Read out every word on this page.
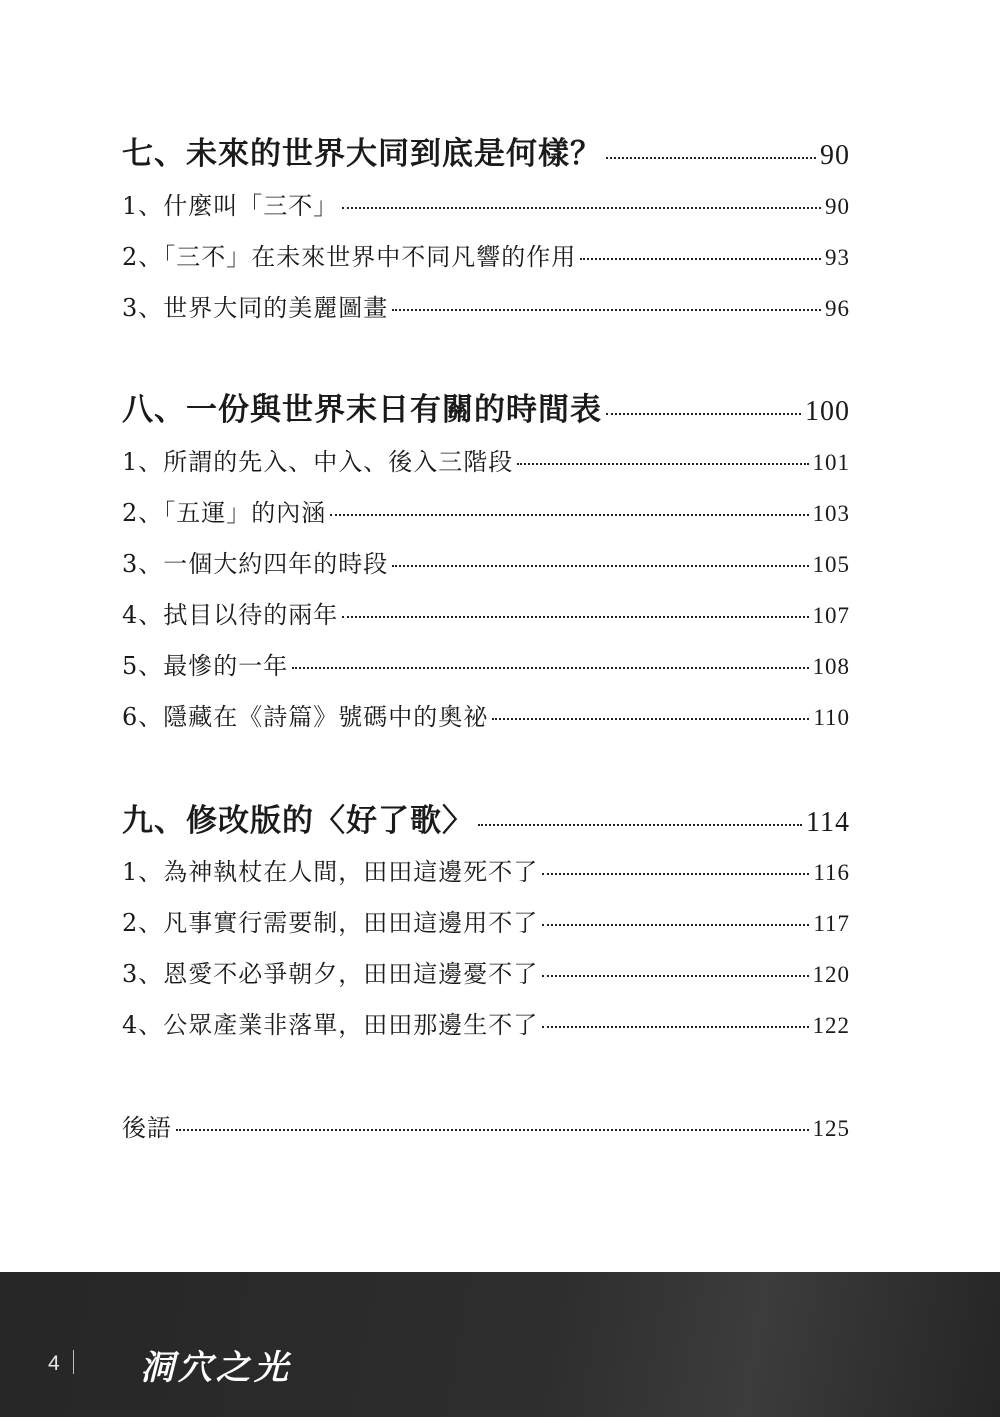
七、未來的世界大同到底是何樣？	90
1、什麼叫「三不」	90
2、「三不」在未來世界中不同凡響的作用	93
3、世界大同的美麗圖畫	96
八、一份與世界末日有關的時間表	100
1、所謂的先入、中入、後入三階段	101
2、「五運」的內涵	103
3、一個大約四年的時段	105
4、拭目以待的兩年	107
5、最慘的一年	108
6、隱藏在《詩篇》號碼中的奧祕	110
九、修改版的〈好了歌〉	114
1、為神執杖在人間，田田這邊死不了	116
2、凡事實行需要制，田田這邊用不了	117
3、恩愛不必爭朝夕，田田這邊憂不了	120
4、公眾產業非落單，田田那邊生不了	122
後語	125
4 洞穴之光
